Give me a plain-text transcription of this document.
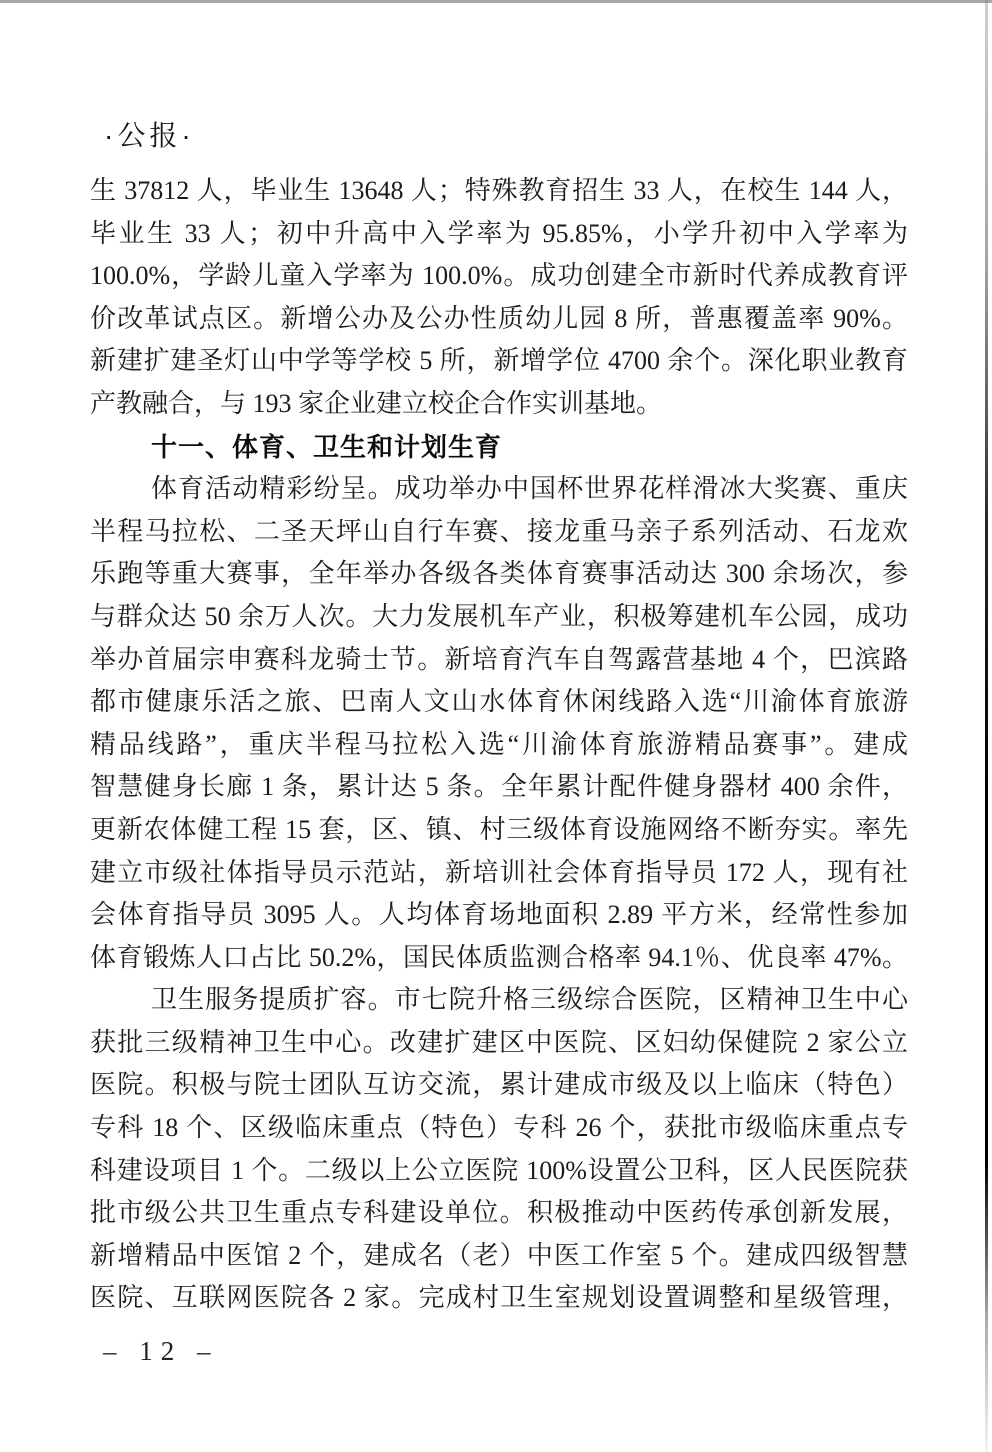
·公报·
生 37812 人，毕业生 13648 人；特殊教育招生 33 人，在校生 144 人，
毕业生 33 人；初中升高中入学率为 95.85%，小学升初中入学率为
100.0%，学龄儿童入学率为 100.0%。成功创建全市新时代养成教育评
价改革试点区。新增公办及公办性质幼儿园 8 所，普惠覆盖率 90%。
新建扩建圣灯山中学等学校 5 所，新增学位 4700 余个。深化职业教育
产教融合，与 193 家企业建立校企合作实训基地。
十一、体育、卫生和计划生育
体育活动精彩纷呈。成功举办中国杯世界花样滑冰大奖赛、重庆
半程马拉松、二圣天坪山自行车赛、接龙重马亲子系列活动、石龙欢
乐跑等重大赛事，全年举办各级各类体育赛事活动达 300 余场次，参
与群众达 50 余万人次。大力发展机车产业，积极筹建机车公园，成功
举办首届宗申赛科龙骑士节。新培育汽车自驾露营基地 4 个，巴滨路
都市健康乐活之旅、巴南人文山水体育休闲线路入选“川渝体育旅游
精品线路”，重庆半程马拉松入选“川渝体育旅游精品赛事”。建成
智慧健身长廊 1 条，累计达 5 条。全年累计配件健身器材 400 余件，
更新农体健工程 15 套，区、镇、村三级体育设施网络不断夯实。率先
建立市级社体指导员示范站，新培训社会体育指导员 172 人，现有社
会体育指导员 3095 人。人均体育场地面积 2.89 平方米，经常性参加
体育锻炼人口占比 50.2%，国民体质监测合格率 94.1％、优良率 47%。
卫生服务提质扩容。市七院升格三级综合医院，区精神卫生中心
获批三级精神卫生中心。改建扩建区中医院、区妇幼保健院 2 家公立
医院。积极与院士团队互访交流，累计建成市级及以上临床（特色）
专科 18 个、区级临床重点（特色）专科 26 个，获批市级临床重点专
科建设项目 1 个。二级以上公立医院 100%设置公卫科，区人民医院获
批市级公共卫生重点专科建设单位。积极推动中医药传承创新发展，
新增精品中医馆 2 个，建成名（老）中医工作室 5 个。建成四级智慧
医院、互联网医院各 2 家。完成村卫生室规划设置调整和星级管理，
– 12 –
